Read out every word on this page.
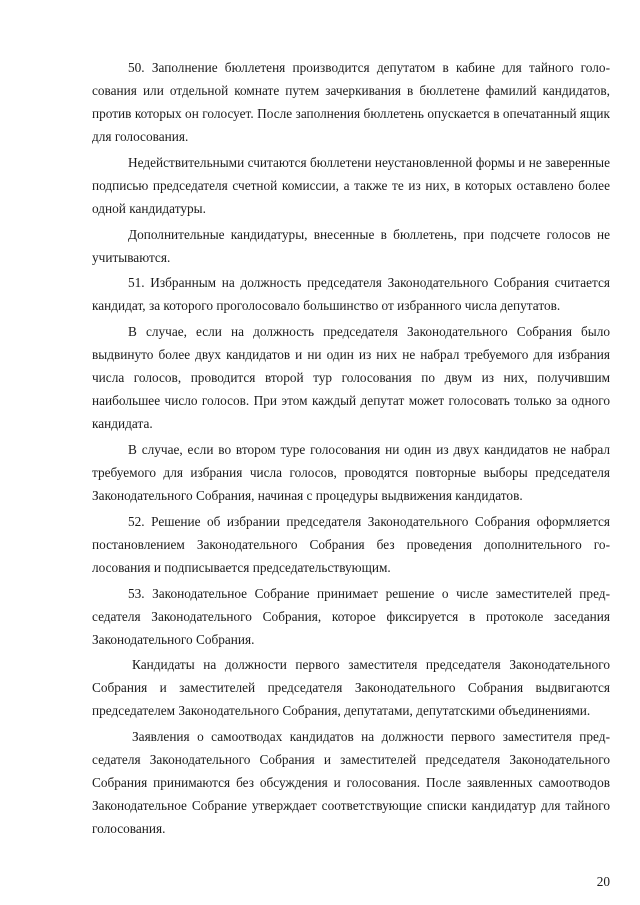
50. Заполнение бюллетеня производится депутатом в кабине для тайного голосования или отдельной комнате путем зачеркивания в бюллетене фамилий кандидатов, против которых он голосует. После заполнения бюллетень опускается в опечатанный ящик для голосования.

Недействительными считаются бюллетени неустановленной формы и не заверенные подписью председателя счетной комиссии, а также те из них, в которых оставлено более одной кандидатуры.

Дополнительные кандидатуры, внесенные в бюллетень, при подсчете голосов не учитываются.

51. Избранным на должность председателя Законодательного Собрания считается кандидат, за которого проголосовало большинство от избранного числа депутатов.

В случае, если на должность председателя Законодательного Собрания было выдвинуто более двух кандидатов и ни один из них не набрал требуемого для избрания числа голосов, проводится второй тур голосования по двум из них, получившим наибольшее число голосов. При этом каждый депутат может голосовать только за одного кандидата.

В случае, если во втором туре голосования ни один из двух кандидатов не набрал требуемого для избрания числа голосов, проводятся повторные выборы председателя Законодательного Собрания, начиная с процедуры выдвижения кандидатов.

52. Решение об избрании председателя Законодательного Собрания оформляется постановлением Законодательного Собрания без проведения дополнительного голосования и подписывается председательствующим.

53. Законодательное Собрание принимает решение о числе заместителей председателя Законодательного Собрания, которое фиксируется в протоколе заседания Законодательного Собрания.

Кандидаты на должности первого заместителя председателя Законодательного Собрания и заместителей председателя Законодательного Собрания выдвигаются председателем Законодательного Собрания, депутатами, депутатскими объединениями.

Заявления о самоотводах кандидатов на должности первого заместителя председателя Законодательного Собрания и заместителей председателя Законодательного Собрания принимаются без обсуждения и голосования. После заявленных самоотводов Законодательное Собрание утверждает соответствующие списки кандидатур для тайного голосования.

20
